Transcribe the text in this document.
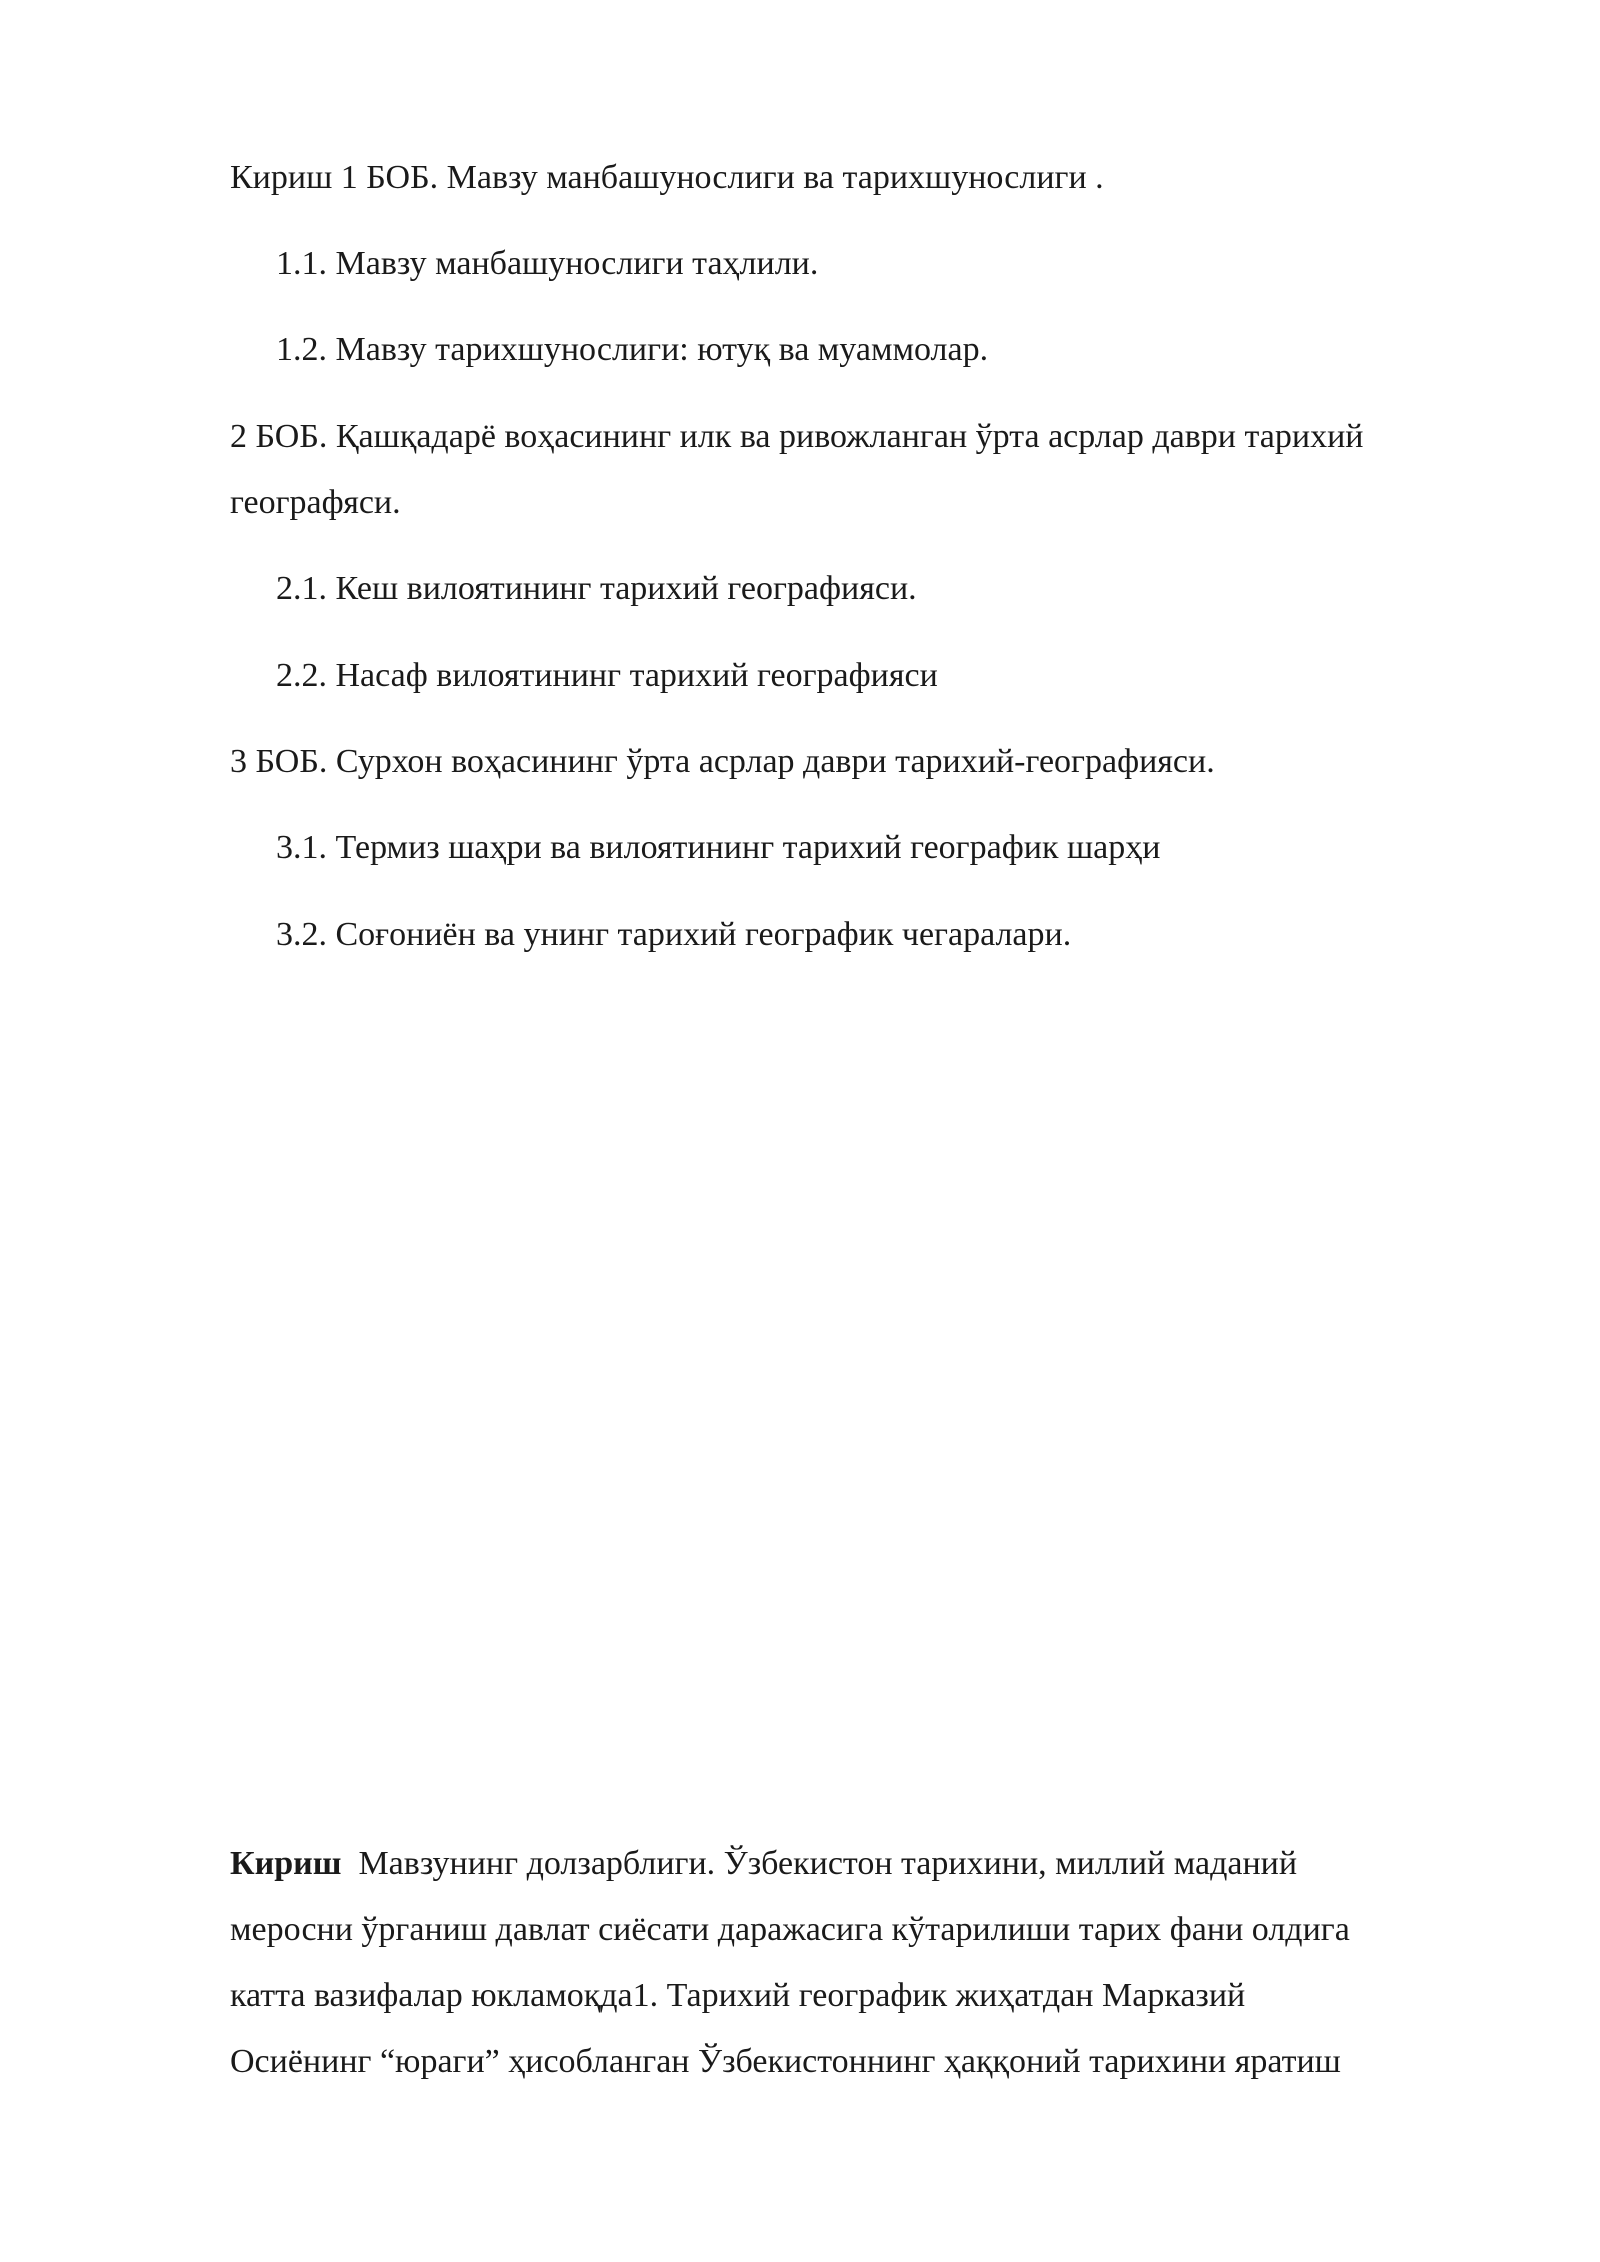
Кириш 1 БОБ. Мавзу манбашунослиги ва тарихшунослиги .
1.1. Мавзу манбашунослиги таҳлили.
1.2. Мавзу тарихшунослиги: ютуқ ва муаммолар.
2 БОБ. Қашқадарё воҳасининг илк ва ривожланган ўрта асрлар даври тарихий
географяси.
2.1. Кеш вилоятининг тарихий географияси.
2.2. Насаф вилоятининг тарихий географияси
3 БОБ. Сурхон воҳасининг ўрта асрлар даври тарихий-географияси.
3.1. Термиз шаҳри ва вилоятининг тарихий географик шарҳи
3.2. Соғониён ва унинг тарихий географик чегаралари.
Кириш  Мавзунинг долзарблиги. Ўзбекистон тарихини, миллий маданий
меросни ўрганиш давлат сиёсати даражасига кўтарилиши тарих фани олдига
катта вазифалар юкламоқда1. Тарихий географик жиҳатдан Марказий
Осиёнинг “юраги” ҳисобланган Ўзбекистоннинг ҳаққоний тарихини яратиш
